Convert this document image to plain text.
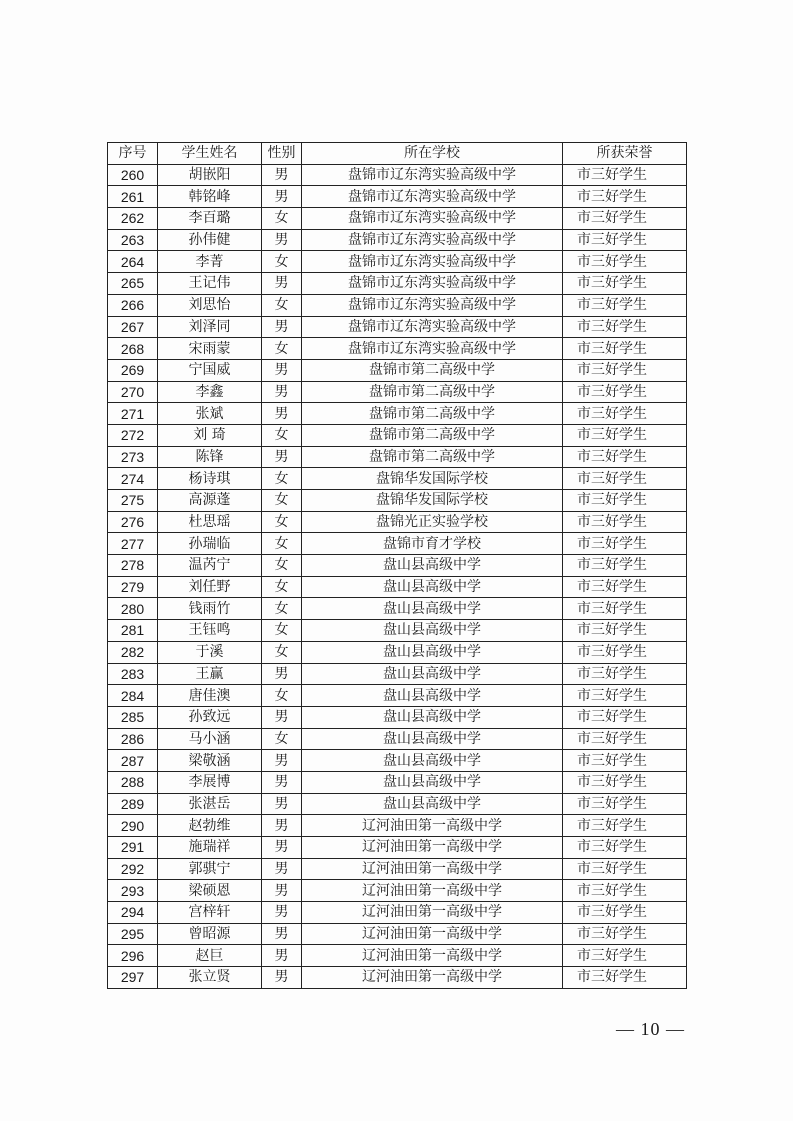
序号	学生姓名	性别	所在学校	所获荣誉
260	胡嵌阳	男	盘锦市辽东湾实验高级中学	市三好学生
261	韩铭峰	男	盘锦市辽东湾实验高级中学	市三好学生
262	李百璐	女	盘锦市辽东湾实验高级中学	市三好学生
263	孙伟健	男	盘锦市辽东湾实验高级中学	市三好学生
264	李菁	女	盘锦市辽东湾实验高级中学	市三好学生
265	王记伟	男	盘锦市辽东湾实验高级中学	市三好学生
266	刘思怡	女	盘锦市辽东湾实验高级中学	市三好学生
267	刘泽同	男	盘锦市辽东湾实验高级中学	市三好学生
268	宋雨蒙	女	盘锦市辽东湾实验高级中学	市三好学生
269	宁国威	男	盘锦市第二高级中学	市三好学生
270	李鑫	男	盘锦市第二高级中学	市三好学生
271	张斌	男	盘锦市第二高级中学	市三好学生
272	刘 琦	女	盘锦市第二高级中学	市三好学生
273	陈锋	男	盘锦市第二高级中学	市三好学生
274	杨诗琪	女	盘锦华发国际学校	市三好学生
275	高源蓬	女	盘锦华发国际学校	市三好学生
276	杜思瑶	女	盘锦光正实验学校	市三好学生
277	孙瑞临	女	盘锦市育才学校	市三好学生
278	温芮宁	女	盘山县高级中学	市三好学生
279	刘任野	女	盘山县高级中学	市三好学生
280	钱雨竹	女	盘山县高级中学	市三好学生
281	王钰鸣	女	盘山县高级中学	市三好学生
282	于溪	女	盘山县高级中学	市三好学生
283	王赢	男	盘山县高级中学	市三好学生
284	唐佳澳	女	盘山县高级中学	市三好学生
285	孙致远	男	盘山县高级中学	市三好学生
286	马小涵	女	盘山县高级中学	市三好学生
287	梁敬涵	男	盘山县高级中学	市三好学生
288	李展博	男	盘山县高级中学	市三好学生
289	张湛岳	男	盘山县高级中学	市三好学生
290	赵勃维	男	辽河油田第一高级中学	市三好学生
291	施瑞祥	男	辽河油田第一高级中学	市三好学生
292	郭骐宁	男	辽河油田第一高级中学	市三好学生
293	梁硕恩	男	辽河油田第一高级中学	市三好学生
294	宫梓轩	男	辽河油田第一高级中学	市三好学生
295	曾昭源	男	辽河油田第一高级中学	市三好学生
296	赵巨	男	辽河油田第一高级中学	市三好学生
297	张立贤	男	辽河油田第一高级中学	市三好学生
— 10 —
